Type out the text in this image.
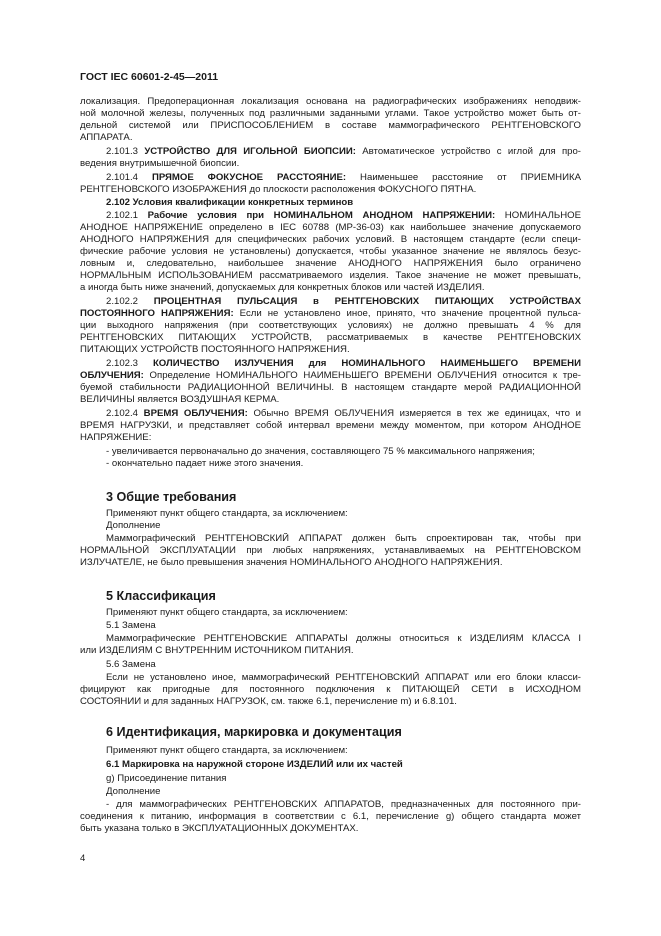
ГОСТ IEC 60601-2-45—2011
локализация. Предоперационная локализация основана на радиографических изображениях неподвиж-
ной молочной железы, полученных под различными заданными углами. Такое устройство может быть от-
дельной системой или ПРИСПОСОБЛЕНИЕМ в составе маммографического РЕНТГЕНОВСКОГО
АППАРАТА.
2.101.3 УСТРОЙСТВО ДЛЯ ИГОЛЬНОЙ БИОПСИИ: Автоматическое устройство с иглой для про-
ведения внутримышечной биопсии.
2.101.4 ПРЯМОЕ ФОКУСНОЕ РАССТОЯНИЕ: Наименьшее расстояние от ПРИЕМНИКА
РЕНТГЕНОВСКОГО ИЗОБРАЖЕНИЯ до плоскости расположения ФОКУСНОГО ПЯТНА.
2.102 Условия квалификации конкретных терминов
2.102.1 Рабочие условия при НОМИНАЛЬНОМ АНОДНОМ НАПРЯЖЕНИИ: НОМИНАЛЬНОЕ
АНОДНОЕ НАПРЯЖЕНИЕ определено в IEC 60788 (МР-36-03) как наибольшее значение допускаемого
АНОДНОГО НАПРЯЖЕНИЯ для специфических рабочих условий. В настоящем стандарте (если специ-
фические рабочие условия не установлены) допускается, чтобы указанное значение не являлось безус-
ловным и, следовательно, наибольшее значение АНОДНОГО НАПРЯЖЕНИЯ было ограничено
НОРМАЛЬНЫМ ИСПОЛЬЗОВАНИЕМ рассматриваемого изделия. Такое значение не может превышать,
а иногда быть ниже значений, допускаемых для конкретных блоков или частей ИЗДЕЛИЯ.
2.102.2 ПРОЦЕНТНАЯ ПУЛЬСАЦИЯ в РЕНТГЕНОВСКИХ ПИТАЮЩИХ УСТРОЙСТВАХ
ПОСТОЯННОГО НАПРЯЖЕНИЯ: Если не установлено иное, принято, что значение процентной пульса-
ции выходного напряжения (при соответствующих условиях) не должно превышать 4 % для
РЕНТГЕНОВСКИХ ПИТАЮЩИХ УСТРОЙСТВ, рассматриваемых в качестве РЕНТГЕНОВСКИХ
ПИТАЮЩИХ УСТРОЙСТВ ПОСТОЯННОГО НАПРЯЖЕНИЯ.
2.102.3 КОЛИЧЕСТВО ИЗЛУЧЕНИЯ для НОМИНАЛЬНОГО НАИМЕНЬШЕГО ВРЕМЕНИ
ОБЛУЧЕНИЯ: Определение НОМИНАЛЬНОГО НАИМЕНЬШЕГО ВРЕМЕНИ ОБЛУЧЕНИЯ относится к тре-
буемой стабильности РАДИАЦИОННОЙ ВЕЛИЧИНЫ. В настоящем стандарте мерой РАДИАЦИОННОЙ
ВЕЛИЧИНЫ является ВОЗДУШНАЯ КЕРМА.
2.102.4 ВРЕМЯ ОБЛУЧЕНИЯ: Обычно ВРЕМЯ ОБЛУЧЕНИЯ измеряется в тех же единицах, что и
ВРЕМЯ НАГРУЗКИ, и представляет собой интервал времени между моментом, при котором АНОДНОЕ
НАПРЯЖЕНИЕ:
- увеличивается первоначально до значения, составляющего 75 % максимального напряжения;
- окончательно падает ниже этого значения.
Применяют пункт общего стандарта, за исключением:
Дополнение
Маммографический РЕНТГЕНОВСКИЙ АППАРАТ должен быть спроектирован так, чтобы при
НОРМАЛЬНОЙ ЭКСПЛУАТАЦИИ при любых напряжениях, устанавливаемых на РЕНТГЕНОВСКОМ
ИЗЛУЧАТЕЛЕ, не было превышения значения НОМИНАЛЬНОГО АНОДНОГО НАПРЯЖЕНИЯ.
Применяют пункт общего стандарта, за исключением:
5.1 Замена
Маммографические РЕНТГЕНОВСКИЕ АППАРАТЫ должны относиться к ИЗДЕЛИЯМ КЛАССА I
или ИЗДЕЛИЯМ С ВНУТРЕННИМ ИСТОЧНИКОМ ПИТАНИЯ.
5.6 Замена
Если не установлено иное, маммографический РЕНТГЕНОВСКИЙ АППАРАТ или его блоки класси-
фицируют как пригодные для постоянного подключения к ПИТАЮЩЕЙ СЕТИ в ИСХОДНОМ
СОСТОЯНИИ и для заданных НАГРУЗОК, см. также 6.1, перечисление m) и 6.8.101.
Применяют пункт общего стандарта, за исключением:
6.1 Маркировка на наружной стороне ИЗДЕЛИЙ или их частей
g) Присоединение питания
Дополнение
- для маммографических РЕНТГЕНОВСКИХ АППАРАТОВ, предназначенных для постоянного при-
соединения к питанию, информация в соответствии с 6.1, перечисление g) общего стандарта может
быть указана только в ЭКСПЛУАТАЦИОННЫХ ДОКУМЕНТАХ.
3 Общие требования
5 Классификация
6 Идентификация, маркировка и документация
4
